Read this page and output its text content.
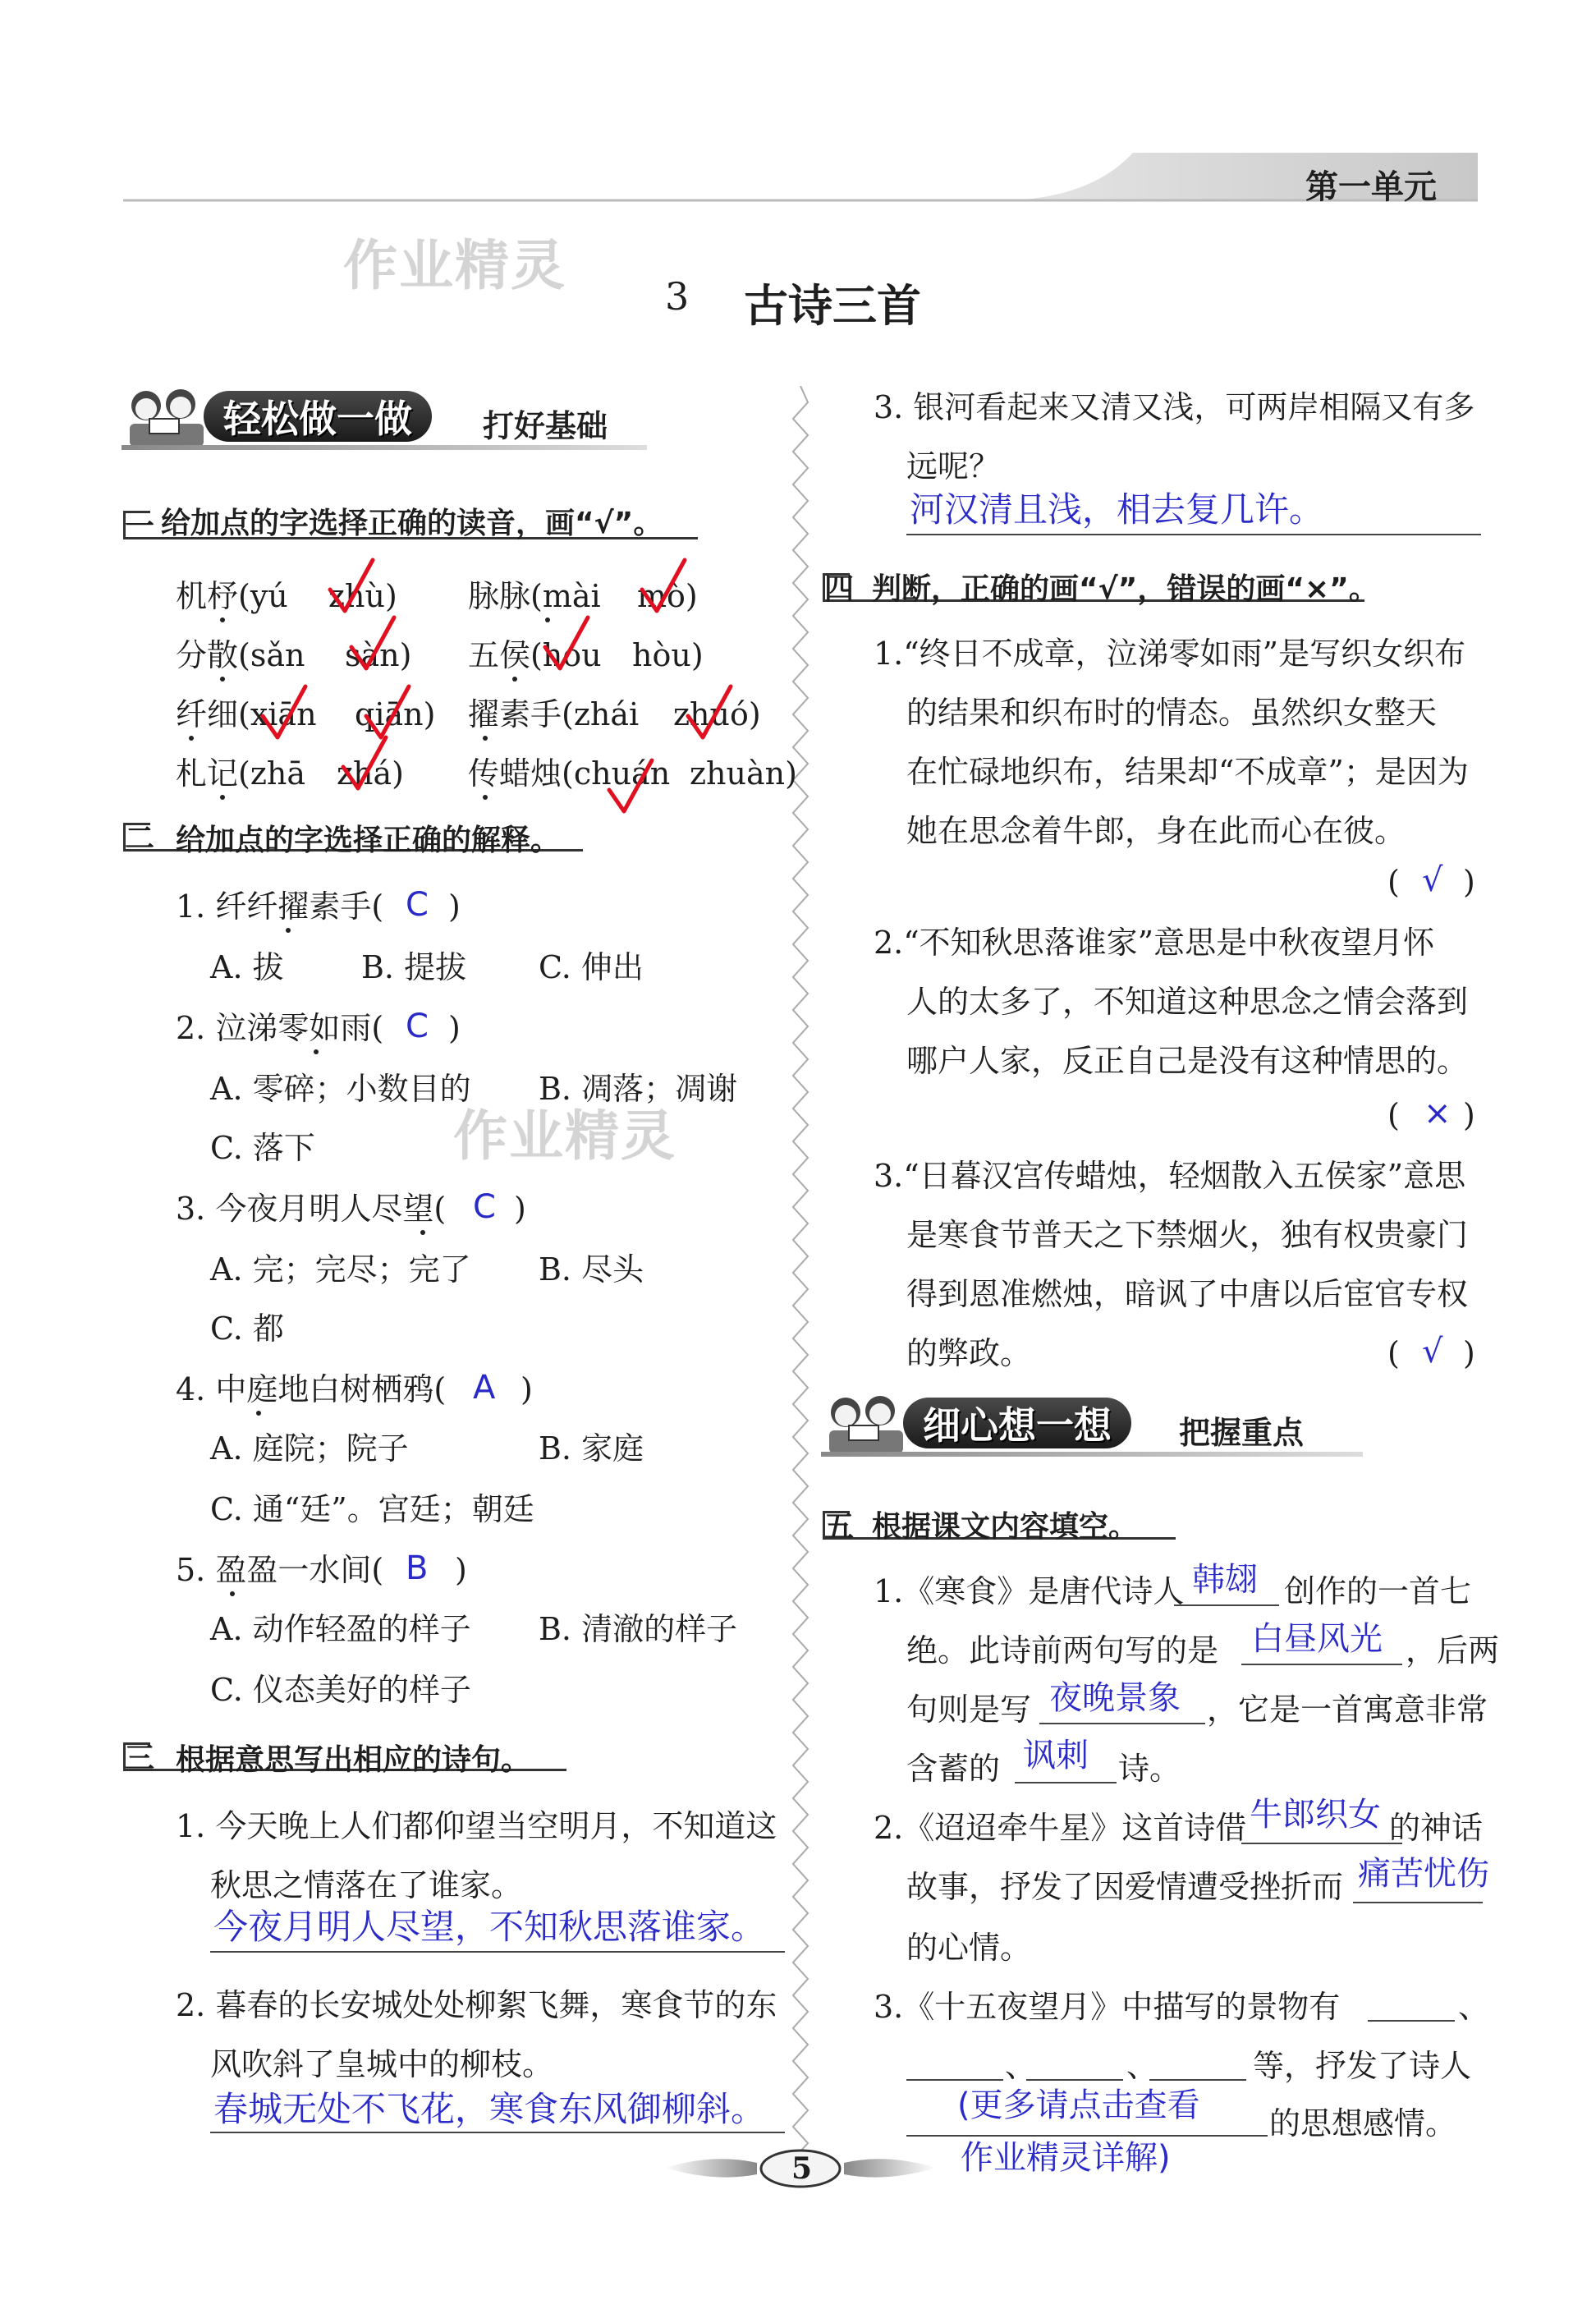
第一单元
作业精灵
作业精灵
3 古诗三首
轻松做一做 打好基础
一 给加点的字选择正确的读音，画“√”。
机杼(yú zhù) 脉脉(mài mò)
分散(sǎn sàn) 五侯(hóu hòu)
纤细(xiān qiān) 擢素手(zhái zhuó)
札记(zhā zhá) 传蜡烛(chuán zhuàn)
二 给加点的字选择正确的解释。
1. 纤纤擢素手( C )
A. 拔 B. 提拔 C. 伸出
2. 泣涕零如雨( C )
A. 零碎；小数目的 B. 凋落；凋谢
C. 落下
3. 今夜月明人尽望( C )
A. 完；完尽；完了 B. 尽头
C. 都
4. 中庭地白树栖鸦( A )
A. 庭院；院子	B. 家庭
C. 通“廷”。宫廷；朝廷
5. 盈盈一水间( B )
A. 动作轻盈的样子 B. 清澈的样子
C. 仪态美好的样子
三 根据意思写出相应的诗句。
1. 今天晚上人们都仰望当空明月，不知道这
秋思之情落在了谁家。
今夜月明人尽望，不知秋思落谁家。
2. 暮春的长安城处处柳絮飞舞，寒食节的东
风吹斜了皇城中的柳枝。
春城无处不飞花，寒食东风御柳斜。
3. 银河看起来又清又浅，可两岸相隔又有多
远呢？
河汉清且浅，相去复几许。
四 判断，正确的画“√”，错误的画“×”。
1.“终日不成章，泣涕零如雨”是写织女织布
的结果和织布时的情态。虽然织女整天
在忙碌地织布，结果却“不成章”；是因为
她在思念着牛郎，身在此而心在彼。
( √ )
2.“不知秋思落谁家”意思是中秋夜望月怀
人的太多了，不知道这种思念之情会落到
哪户人家，反正自己是没有这种情思的。
( × )
3.“日暮汉宫传蜡烛，轻烟散入五侯家”意思
是寒食节普天之下禁烟火，独有权贵豪门
得到恩准燃烛，暗讽了中唐以后宦官专权
的弊政。	( √ )
细心想一想 把握重点
五 根据课文内容填空。
1.《寒食》是唐代诗人 韩翃 创作的一首七
绝。此诗前两句写的是 白昼风光 ，后两
句则是写 夜晚景象 ，它是一首寓意非常
含蓄的 讽刺 诗。
2.《迢迢牵牛星》这首诗借 牛郎织女 的神话
故事，抒发了因爱情遭受挫折而 痛苦忧伤
的心情。
3.《十五夜望月》中描写的景物有	、
、	、	等，抒发了诗人
(更多请点击查看 的思想感情。
作业精灵详解)
5
